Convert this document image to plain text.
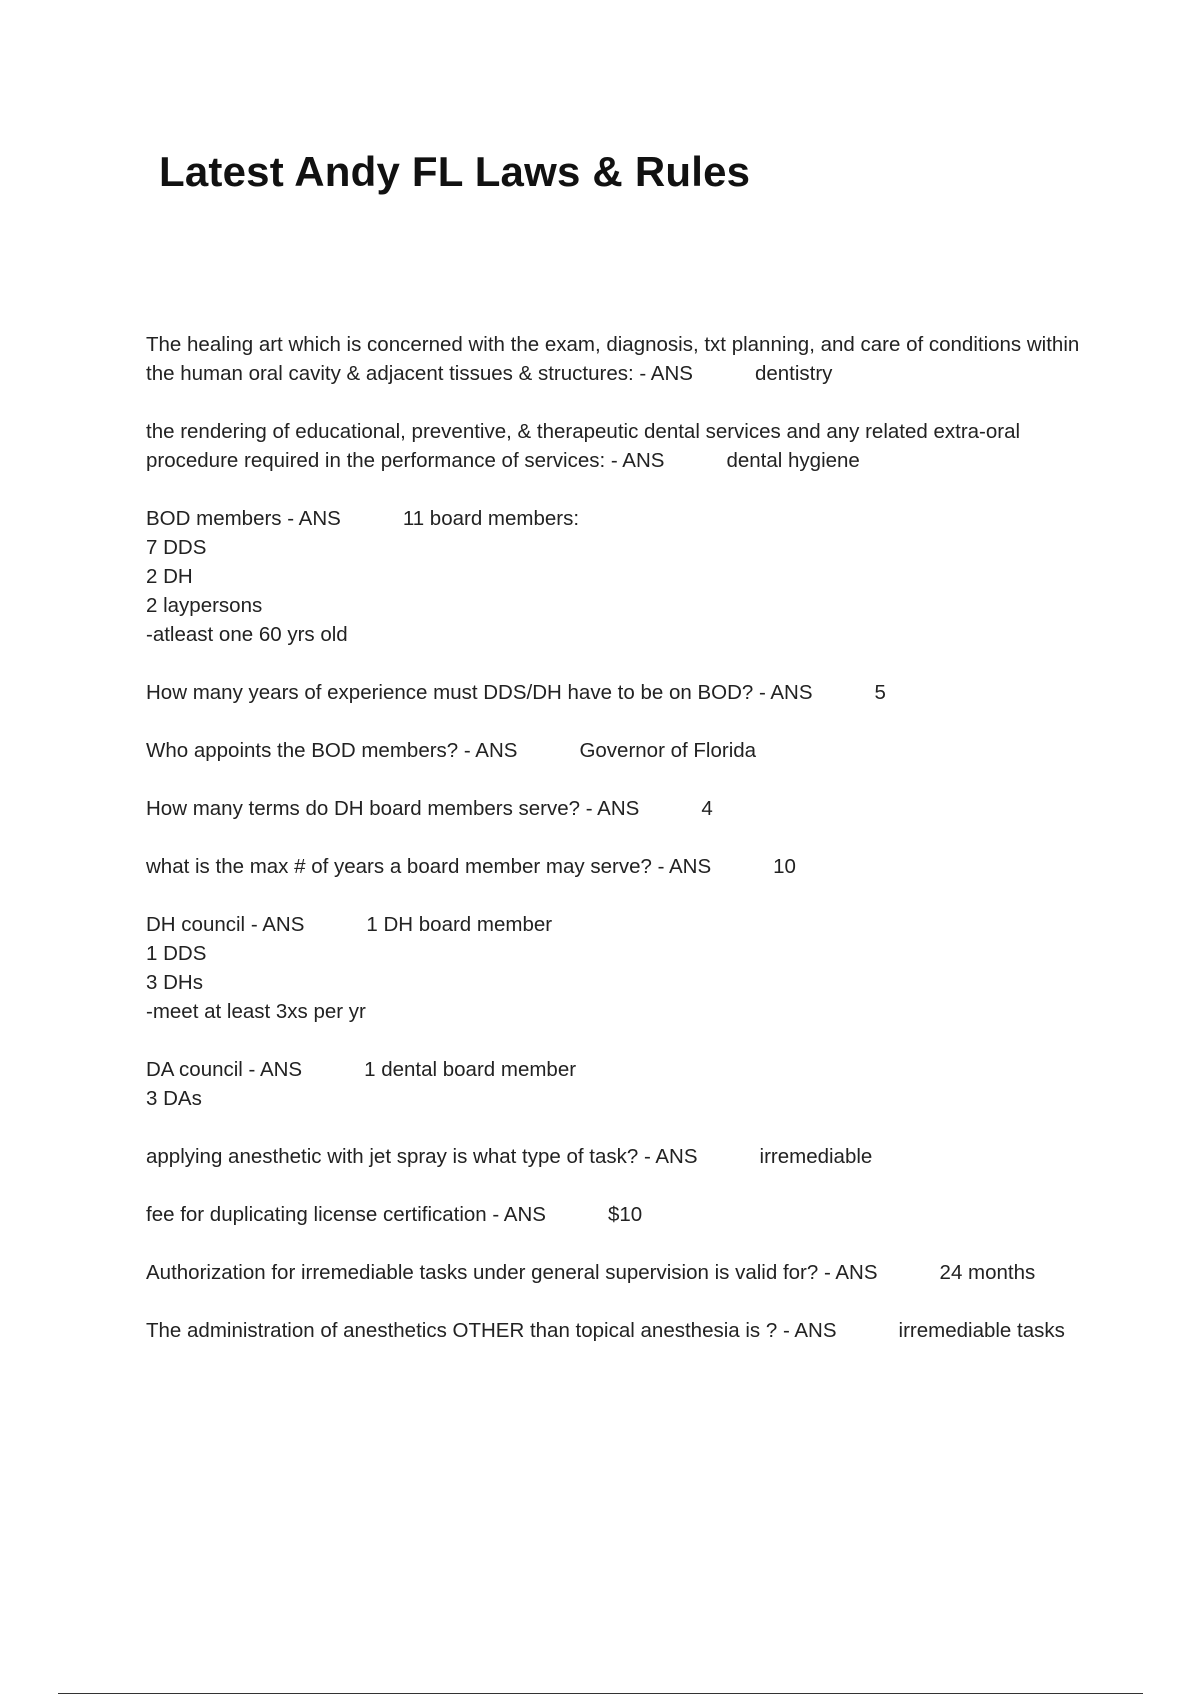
Latest Andy FL Laws & Rules
The healing art which is concerned with the exam, diagnosis, txt planning, and care of conditions within the human oral cavity & adjacent tissues & structures: - ANS	dentistry
the rendering of educational, preventive, & therapeutic dental services and any related extra-oral procedure required in the performance of services: - ANS	dental hygiene
BOD members - ANS	11 board members:
7 DDS
2 DH
2 laypersons
-atleast one 60 yrs old
How many years of experience must DDS/DH have to be on BOD? - ANS	5
Who appoints the BOD members? - ANS	Governor of Florida
How many terms do DH board members serve? - ANS	4
what is the max # of years a board member may serve? - ANS	10
DH council - ANS	1 DH board member
1 DDS
3 DHs
-meet at least 3xs per yr
DA council - ANS	1 dental board member
3 DAs
applying anesthetic with jet spray is what type of task? - ANS	irremediable
fee for duplicating license certification - ANS	$10
Authorization for irremediable tasks under general supervision is valid for? - ANS	24 months
The administration of anesthetics OTHER than topical anesthesia is ? - ANS	irremediable tasks
